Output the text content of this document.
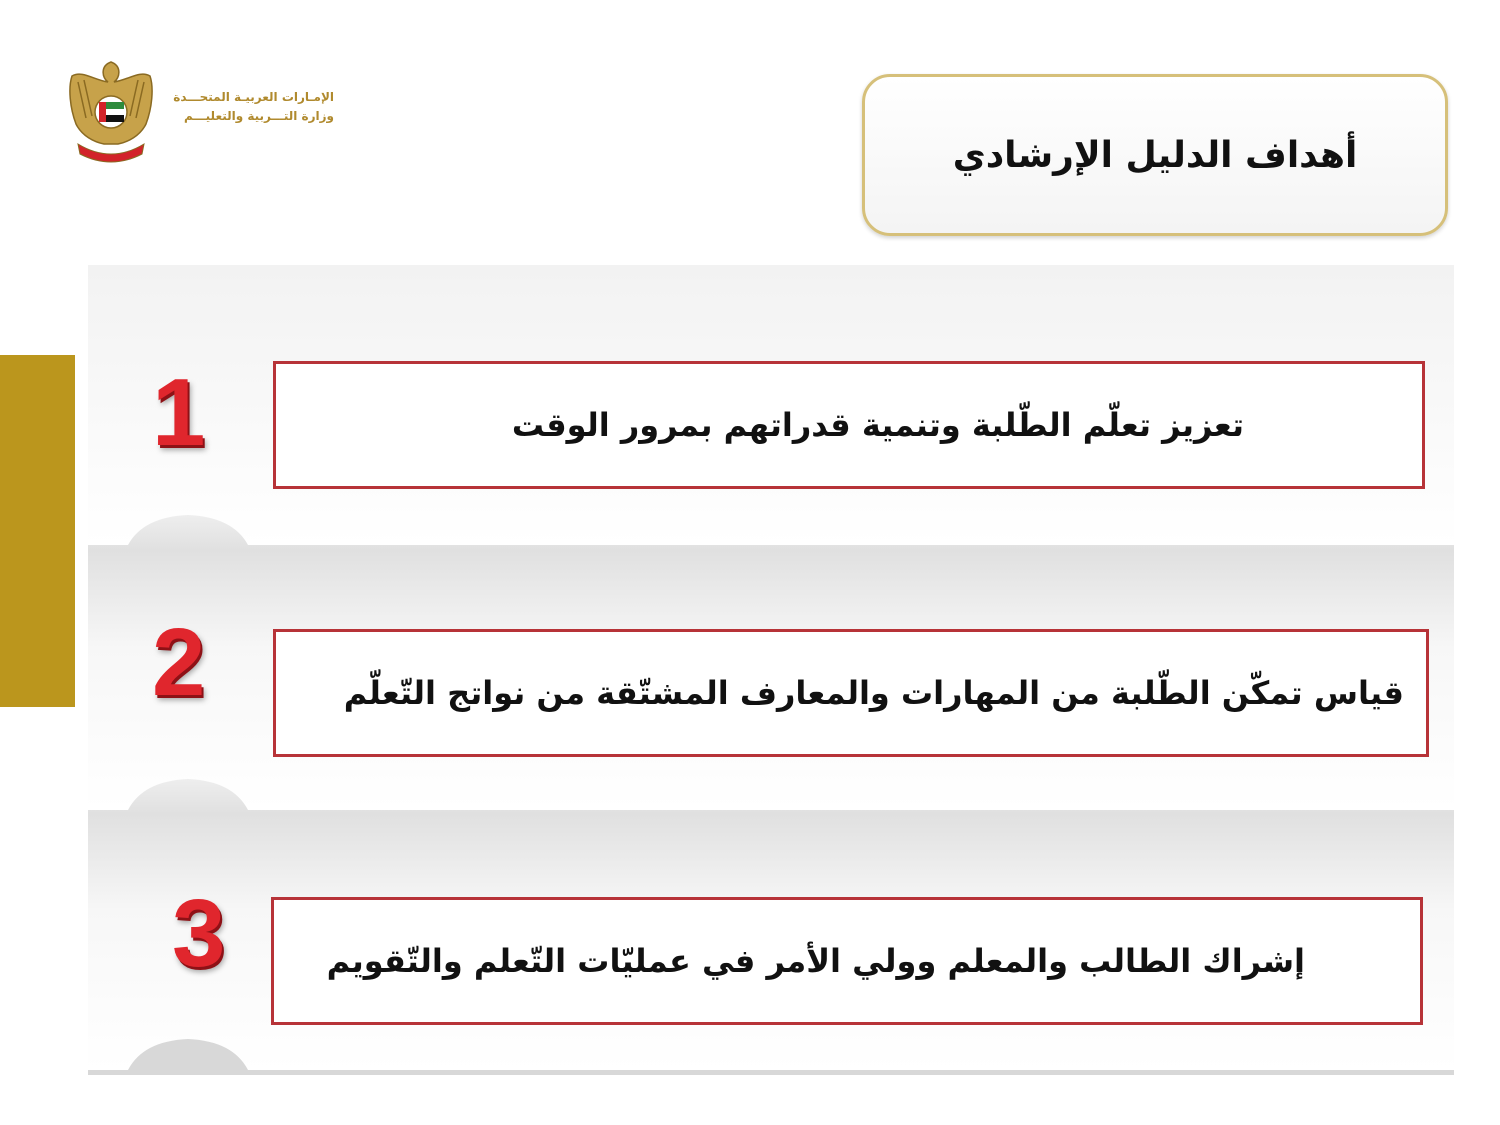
الإمـارات العربيـة المتحـــدة
وزارة التـــربية والتعليـــم
أهداف الدليل الإرشادي
1	تعزيز تعلّم الطّلبة وتنمية قدراتهم بمرور الوقت
2	قياس تمكّن الطّلبة من المهارات والمعارف المشتّقة من نواتج التّعلّم
3	إشراك الطالب والمعلم وولي الأمر في عمليّات التّعلم والتّقويم
